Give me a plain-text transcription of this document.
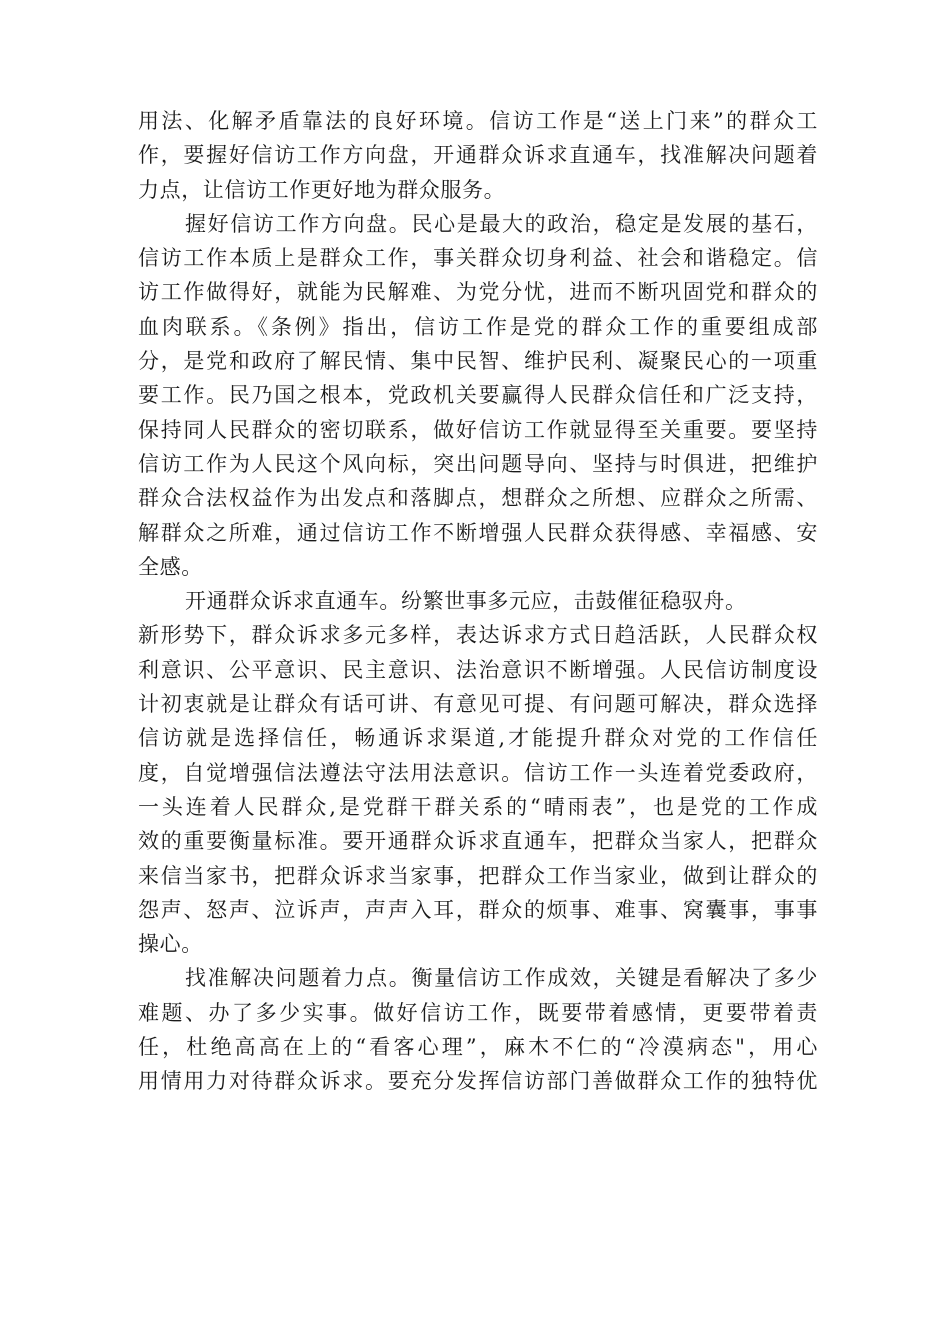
用法、化解矛盾靠法的良好环境。信访工作是“送上门来”的群众工
作，要握好信访工作方向盘，开通群众诉求直通车，找准解决问题着
力点，让信访工作更好地为群众服务。
握好信访工作方向盘。民心是最大的政治，稳定是发展的基石，
信访工作本质上是群众工作，事关群众切身利益、社会和谐稳定。信
访工作做得好，就能为民解难、为党分忧，进而不断巩固党和群众的
血肉联系。《条例》指出，信访工作是党的群众工作的重要组成部
分，是党和政府了解民情、集中民智、维护民利、凝聚民心的一项重
要工作。民乃国之根本，党政机关要赢得人民群众信任和广泛支持，
保持同人民群众的密切联系，做好信访工作就显得至关重要。要坚持
信访工作为人民这个风向标，突出问题导向、坚持与时俱进，把维护
群众合法权益作为出发点和落脚点，想群众之所想、应群众之所需、
解群众之所难，通过信访工作不断增强人民群众获得感、幸福感、安
全感。
开通群众诉求直通车。纷繁世事多元应，击鼓催征稳驭舟。
新形势下，群众诉求多元多样，表达诉求方式日趋活跃，人民群众权
利意识、公平意识、民主意识、法治意识不断增强。人民信访制度设
计初衷就是让群众有话可讲、有意见可提、有问题可解决，群众选择
信访就是选择信任，畅通诉求渠道,才能提升群众对党的工作信任
度，自觉增强信法遵法守法用法意识。信访工作一头连着党委政府，
一头连着人民群众,是党群干群关系的“晴雨表”，也是党的工作成
效的重要衡量标准。要开通群众诉求直通车，把群众当家人，把群众
来信当家书，把群众诉求当家事，把群众工作当家业，做到让群众的
怨声、怒声、泣诉声，声声入耳，群众的烦事、难事、窝囊事，事事
操心。
找准解决问题着力点。衡量信访工作成效，关键是看解决了多少
难题、办了多少实事。做好信访工作，既要带着感情，更要带着责
任，杜绝高高在上的“看客心理”，麻木不仁的“冷漠病态"，用心
用情用力对待群众诉求。要充分发挥信访部门善做群众工作的独特优
